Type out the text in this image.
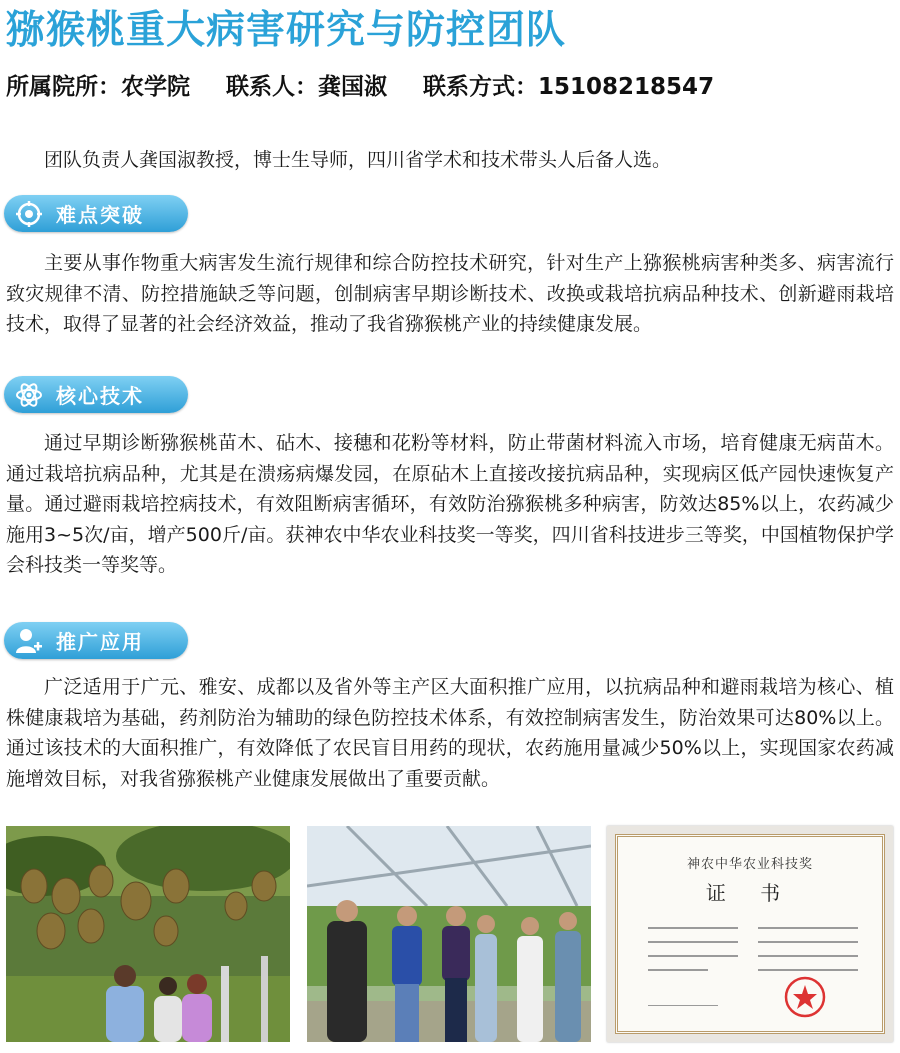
猕猴桃重大病害研究与防控团队
所属院所：农学院 联系人：龚国淑 联系方式：15108218547

团队负责人龚国淑教授，博士生导师，四川省学术和技术带头人后备人选。

难点突破

主要从事作物重大病害发生流行规律和综合防控技术研究，针对生产上猕猴桃病害种类多、病害流行致灾规律不清、防控措施缺乏等问题，创制病害早期诊断技术、改换或栽培抗病品种技术、创新避雨栽培技术，取得了显著的社会经济效益，推动了我省猕猴桃产业的持续健康发展。

核心技术

通过早期诊断猕猴桃苗木、砧木、接穗和花粉等材料，防止带菌材料流入市场，培育健康无病苗木。通过栽培抗病品种，尤其是在溃疡病爆发园，在原砧木上直接改接抗病品种，实现病区低产园快速恢复产量。通过避雨栽培控病技术，有效阻断病害循环，有效防治猕猴桃多种病害，防效达85%以上，农药减少施用3~5次/亩，增产500斤/亩。获神农中华农业科技奖一等奖，四川省科技进步三等奖，中国植物保护学会科技类一等奖等。

推广应用

广泛适用于广元、雅安、成都以及省外等主产区大面积推广应用，以抗病品种和避雨栽培为核心、植株健康栽培为基础，药剂防治为辅助的绿色防控技术体系，有效控制病害发生，防治效果可达80%以上。通过该技术的大面积推广，有效降低了农民盲目用药的现状，农药施用量减少50%以上，实现国家农药减施增效目标，对我省猕猴桃产业健康发展做出了重要贡献。

神农中华农业科技奖
证 书
